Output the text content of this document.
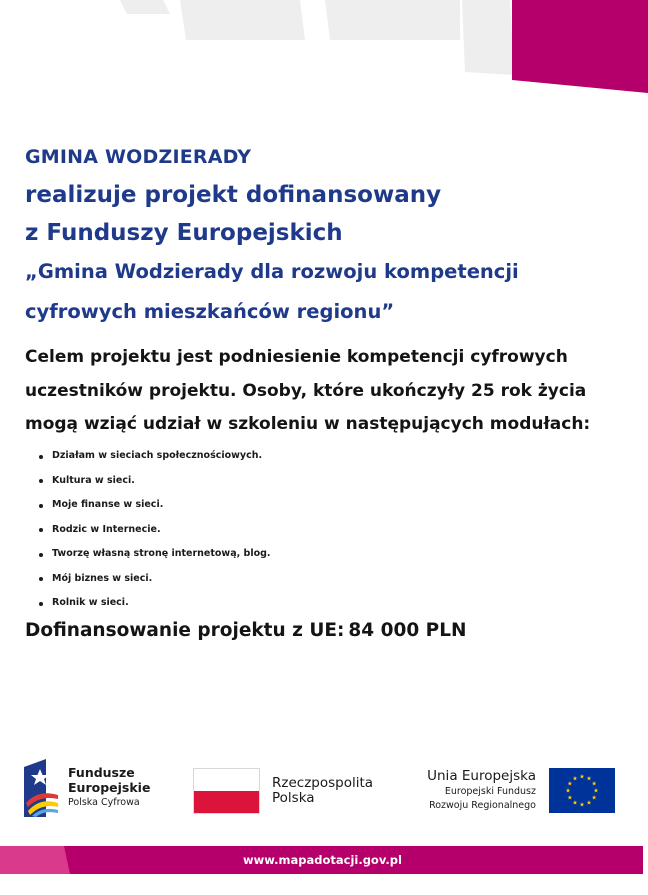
GMINA WODZIERADY
realizuje projekt dofinansowany
z Funduszy Europejskich
„Gmina Wodzierady dla rozwoju kompetencji
cyfrowych mieszkańców regionu”

Celem projektu jest podniesienie kompetencji cyfrowych uczestników projektu. Osoby, które ukończyły 25 rok życia mogą wziąć udział w szkoleniu w następujących modułach:

Działam w sieciach społecznościowych.
Kultura w sieci.
Moje finanse w sieci.
Rodzic w Internecie.
Tworzę własną stronę internetową, blog.
Mój biznes w sieci.
Rolnik w sieci.

Dofinansowanie projektu z UE: 84 000 PLN

Fundusze
Europejskie
Polska Cyfrowa
Rzeczpospolita
Polska
Unia Europejska
Europejski Fundusz
Rozwoju Regionalnego
www.mapadotacji.gov.pl
